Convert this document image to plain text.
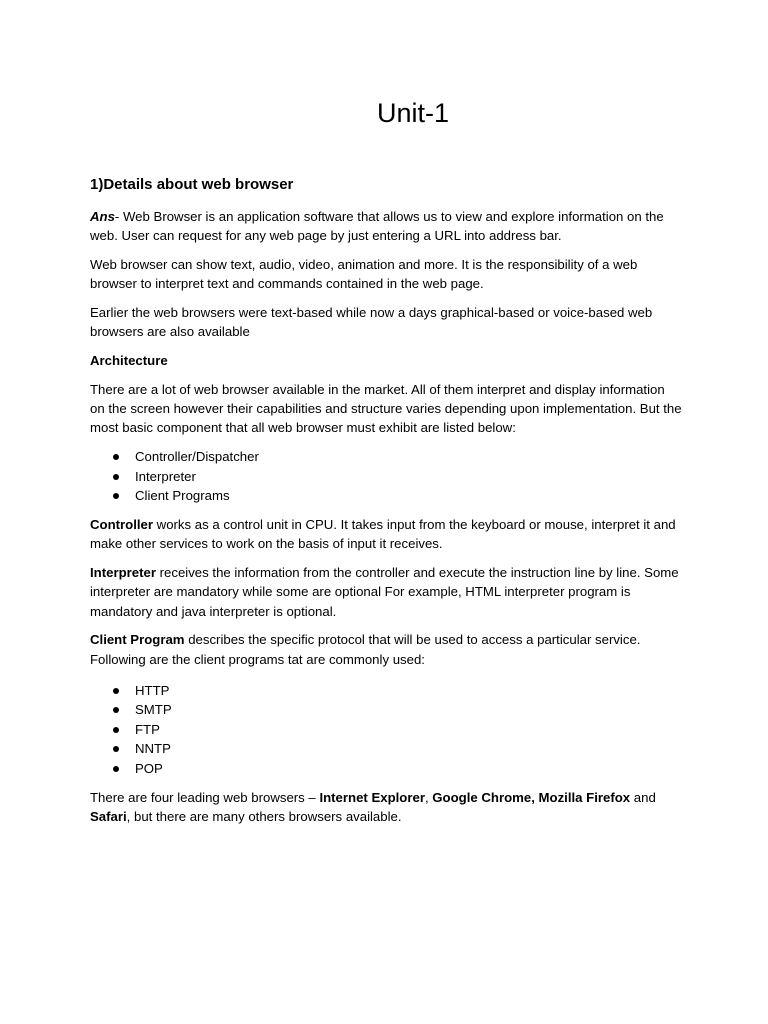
Unit-1
1)Details about web browser

Ans- Web Browser is an application software that allows us to view and explore information on the web. User can request for any web page by just entering a URL into address bar.

Web browser can show text, audio, video, animation and more. It is the responsibility of a web browser to interpret text and commands contained in the web page.

Earlier the web browsers were text-based while now a days graphical-based or voice-based web browsers are also available

Architecture

There are a lot of web browser available in the market. All of them interpret and display information on the screen however their capabilities and structure varies depending upon implementation. But the most basic component that all web browser must exhibit are listed below:

Controller/Dispatcher
Interpreter
Client Programs

Controller works as a control unit in CPU. It takes input from the keyboard or mouse, interpret it and make other services to work on the basis of input it receives.

Interpreter receives the information from the controller and execute the instruction line by line. Some interpreter are mandatory while some are optional For example, HTML interpreter program is mandatory and java interpreter is optional.

Client Program describes the specific protocol that will be used to access a particular service. Following are the client programs tat are commonly used:

HTTP
SMTP
FTP
NNTP
POP

There are four leading web browsers – Internet Explorer, Google Chrome, Mozilla Firefox and Safari, but there are many others browsers available.
